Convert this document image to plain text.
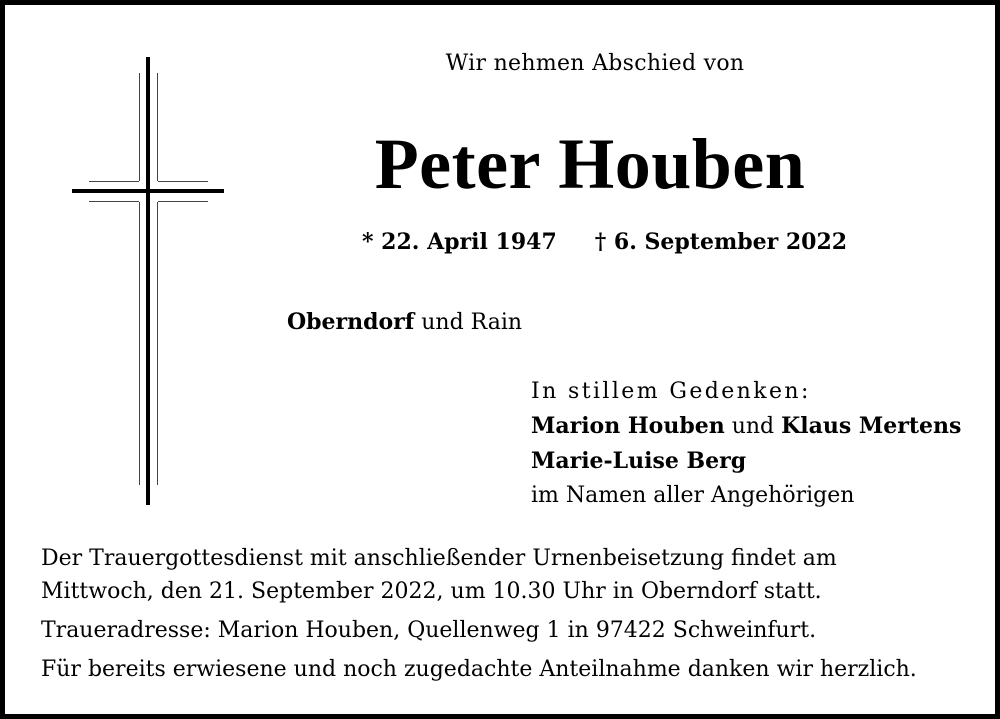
Wir nehmen Abschied von
Peter Houben
* 22. April 1947 † 6. September 2022
Oberndorf und Rain
In stillem Gedenken:
Marion Houben und Klaus Mertens
Marie-Luise Berg
im Namen aller Angehörigen

Der Trauergottesdienst mit anschließender Urnenbeisetzung findet am

Mittwoch, den 21. September 2022, um 10.30 Uhr in Oberndorf statt.

Traueradresse: Marion Houben, Quellenweg 1 in 97422 Schweinfurt.

Für bereits erwiesene und noch zugedachte Anteilnahme danken wir herzlich.
